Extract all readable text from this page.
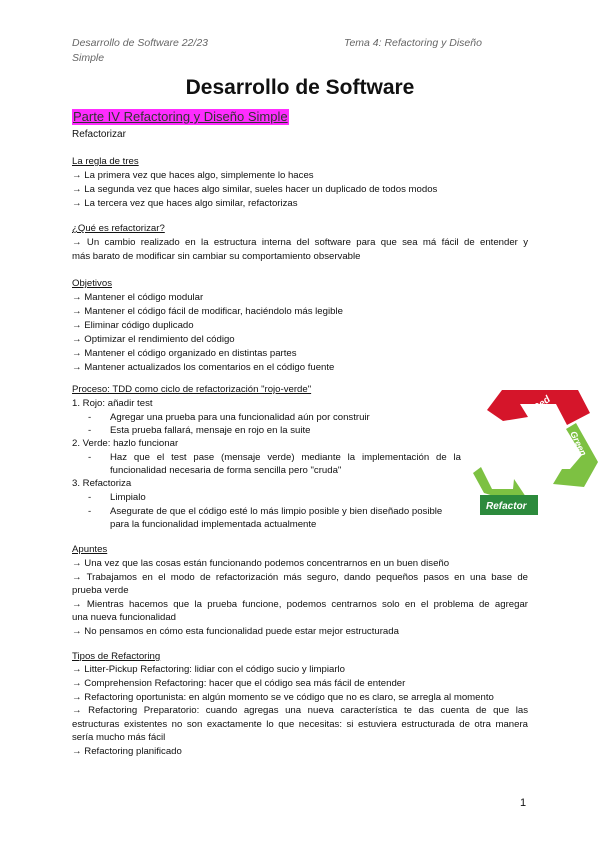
Desarrollo de Software 22/23
Simple
Tema 4: Refactoring y Diseño
Desarrollo de Software
Parte IV Refactoring y Diseño Simple
Refactorizar
La regla de tres
→ La primera vez que haces algo, simplemente lo haces
→ La segunda vez que haces algo similar, sueles hacer un duplicado de todos modos
→ La tercera vez que haces algo similar, refactorizas
¿Qué es refactorizar?
→ Un cambio realizado en la estructura interna del software para que sea má fácil de entender y
más barato de modificar sin cambiar su comportamiento observable
Objetivos
→ Mantener el código modular
→ Mantener el código fácil de modificar, haciéndolo más legible
→ Eliminar código duplicado
→ Optimizar el rendimiento del código
→ Mantener el código organizado en distintas partes
→ Mantener actualizados los comentarios en el código fuente
Proceso: TDD como ciclo de refactorización "rojo-verde"
1. Rojo: añadir test
- Agregar una prueba para una funcionalidad aún por construir
- Esta prueba fallará, mensaje en rojo en la suite
2. Verde: hazlo funcionar
- Haz que el test pase (mensaje verde) mediante la implementación de la
funcionalidad necesaria de forma sencilla pero "cruda"
3. Refactoriza
- Limpialo
- Asegurate de que el código esté lo más limpio posible y bien diseñado posible
para la funcionalidad implementada actualmente
Red
Green
Refactor
Apuntes
→ Una vez que las cosas están funcionando podemos concentrarnos en un buen diseño
→ Trabajamos en el modo de refactorización más seguro, dando pequeños pasos en una base de
prueba verde
→ Mientras hacemos que la prueba funcione, podemos centrarnos solo en el problema de agregar
una nueva funcionalidad
→ No pensamos en cómo esta funcionalidad puede estar mejor estructurada
Tipos de Refactoring
→ Litter-Pickup Refactoring: lidiar con el código sucio y limpiarlo
→ Comprehension Refactoring: hacer que el código sea más fácil de entender
→ Refactoring oportunista: en algún momento se ve código que no es claro, se arregla al momento
→ Refactoring Preparatorio: cuando agregas una nueva característica te das cuenta de que las
estructuras existentes no son exactamente lo que necesitas: si estuviera estructurada de otra manera
sería mucho más fácil
→ Refactoring planificado
1
